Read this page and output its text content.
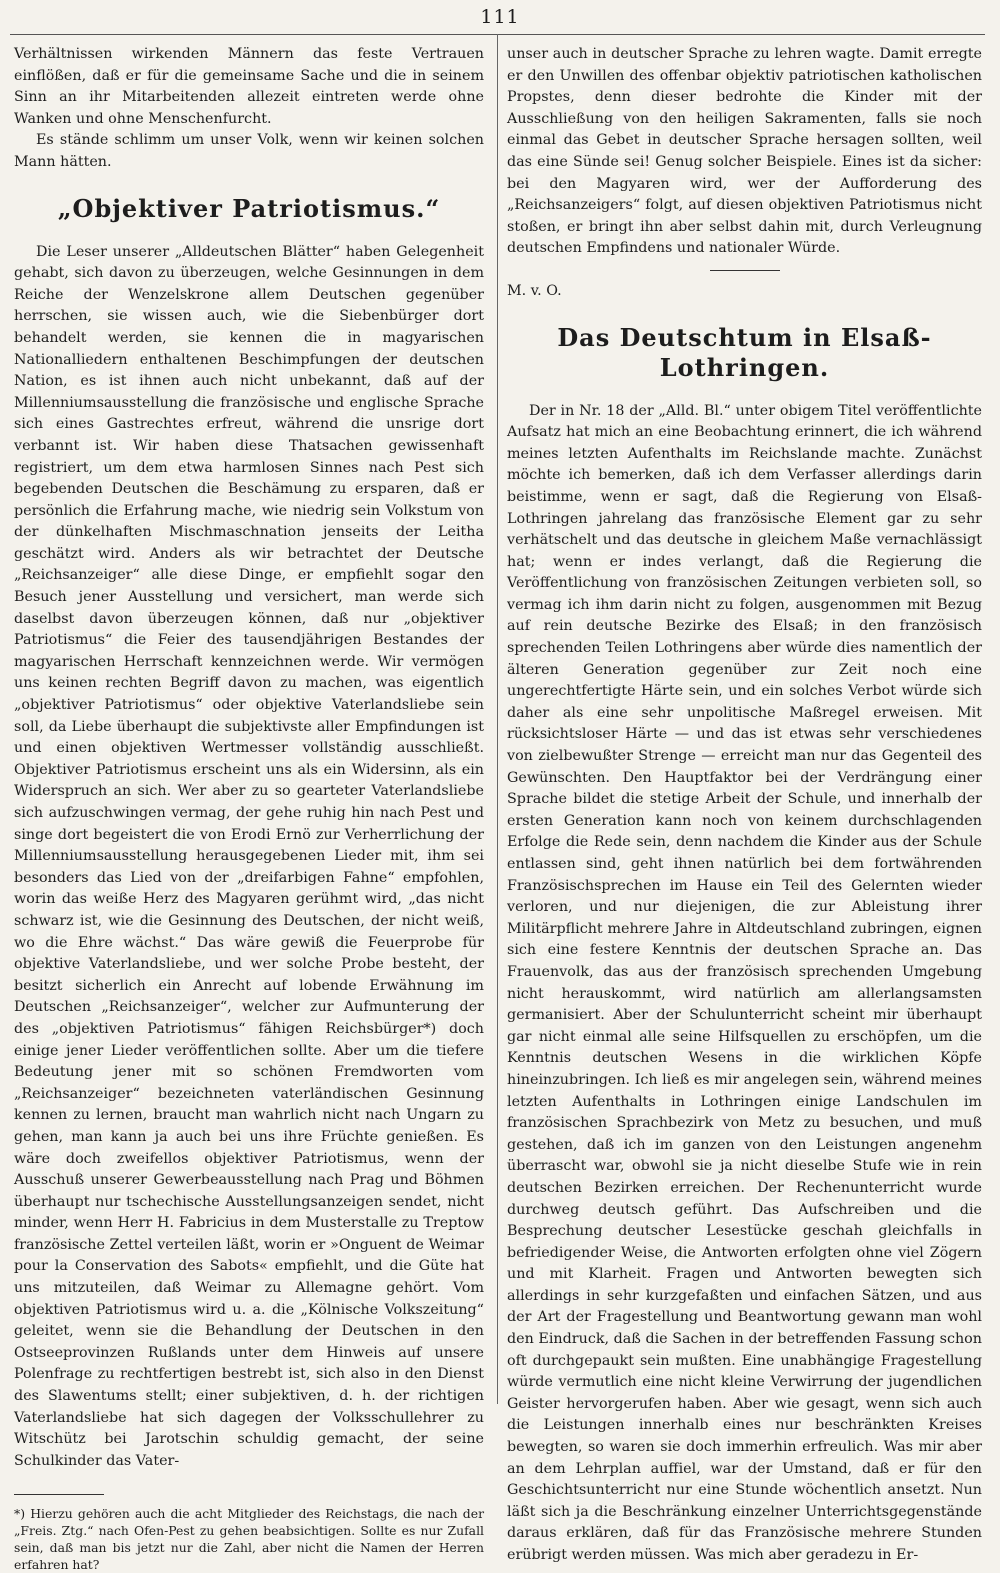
111

Verhältnissen wirkenden Männern das feste Vertrauen einflößen, daß er für die gemeinsame Sache und die in seinem Sinn an ihr Mitarbeitenden allezeit eintreten werde ohne Wanken und ohne Menschenfurcht.

Es stände schlimm um unser Volk, wenn wir keinen solchen Mann hätten.

„Objektiver Patriotismus.“

Die Leser unserer „Alldeutschen Blätter“ haben Gelegenheit gehabt, sich davon zu überzeugen, welche Gesinnungen in dem Reiche der Wenzelskrone allem Deutschen gegenüber herrschen, sie wissen auch, wie die Siebenbürger dort behandelt werden, sie kennen die in magyarischen Nationalliedern enthaltenen Beschimpfungen der deutschen Nation, es ist ihnen auch nicht unbekannt, daß auf der Millenniumsausstellung die französische und englische Sprache sich eines Gastrechtes erfreut, während die unsrige dort verbannt ist. Wir haben diese Thatsachen gewissenhaft registriert, um dem etwa harmlosen Sinnes nach Pest sich begebenden Deutschen die Beschämung zu ersparen, daß er persönlich die Erfahrung mache, wie niedrig sein Volkstum von der dünkelhaften Mischmaschnation jenseits der Leitha geschätzt wird. Anders als wir betrachtet der Deutsche „Reichsanzeiger“ alle diese Dinge, er empfiehlt sogar den Besuch jener Ausstellung und versichert, man werde sich daselbst davon überzeugen können, daß nur „objektiver Patriotismus“ die Feier des tausendjährigen Bestandes der magyarischen Herrschaft kennzeichnen werde. Wir vermögen uns keinen rechten Begriff davon zu machen, was eigentlich „objektiver Patriotismus“ oder objektive Vaterlandsliebe sein soll, da Liebe überhaupt die subjektivste aller Empfindungen ist und einen objektiven Wertmesser vollständig ausschließt. Objektiver Patriotismus erscheint uns als ein Widersinn, als ein Widerspruch an sich. Wer aber zu so gearteter Vaterlandsliebe sich aufzuschwingen vermag, der gehe ruhig hin nach Pest und singe dort begeistert die von Erodi Ernö zur Verherrlichung der Millenniumsausstellung herausgegebenen Lieder mit, ihm sei besonders das Lied von der „dreifarbigen Fahne“ empfohlen, worin das weiße Herz des Magyaren gerühmt wird, „das nicht schwarz ist, wie die Gesinnung des Deutschen, der nicht weiß, wo die Ehre wächst.“ Das wäre gewiß die Feuerprobe für objektive Vaterlandsliebe, und wer solche Probe besteht, der besitzt sicherlich ein Anrecht auf lobende Erwähnung im Deutschen „Reichsanzeiger“, welcher zur Aufmunterung der des „objektiven Patriotismus“ fähigen Reichsbürger*) doch einige jener Lieder veröffentlichen sollte. Aber um die tiefere Bedeutung jener mit so schönen Fremdworten vom „Reichsanzeiger“ bezeichneten vaterländischen Gesinnung kennen zu lernen, braucht man wahrlich nicht nach Ungarn zu gehen, man kann ja auch bei uns ihre Früchte genießen. Es wäre doch zweifellos objektiver Patriotismus, wenn der Ausschuß unserer Gewerbeausstellung nach Prag und Böhmen überhaupt nur tschechische Ausstellungsanzeigen sendet, nicht minder, wenn Herr H. Fabricius in dem Musterstalle zu Treptow französische Zettel verteilen läßt, worin er »Onguent de Weimar pour la Conservation des Sabots« empfiehlt, und die Güte hat uns mitzuteilen, daß Weimar zu Allemagne gehört. Vom objektiven Patriotismus wird u. a. die „Kölnische Volkszeitung“ geleitet, wenn sie die Behandlung der Deutschen in den Ostseeprovinzen Rußlands unter dem Hinweis auf unsere Polenfrage zu rechtfertigen bestrebt ist, sich also in den Dienst des Slawentums stellt; einer subjektiven, d. h. der richtigen Vaterlandsliebe hat sich dagegen der Volksschullehrer zu Witschütz bei Jarotschin schuldig gemacht, der seine Schulkinder das Vater-

*) Hierzu gehören auch die acht Mitglieder des Reichstags, die nach der „Freis. Ztg.“ nach Ofen-Pest zu gehen beabsichtigen. Sollte es nur Zufall sein, daß man bis jetzt nur die Zahl, aber nicht die Namen der Herren erfahren hat?

unser auch in deutscher Sprache zu lehren wagte. Damit erregte er den Unwillen des offenbar objektiv patriotischen katholischen Propstes, denn dieser bedrohte die Kinder mit der Ausschließung von den heiligen Sakramenten, falls sie noch einmal das Gebet in deutscher Sprache hersagen sollten, weil das eine Sünde sei! Genug solcher Beispiele. Eines ist da sicher: bei den Magyaren wird, wer der Aufforderung des „Reichsanzeigers“ folgt, auf diesen objektiven Patriotismus nicht stoßen, er bringt ihn aber selbst dahin mit, durch Verleugnung deutschen Empfindens und nationaler Würde.

M. v. O.

Das Deutschtum in Elsaß-Lothringen.

Der in Nr. 18 der „Alld. Bl.“ unter obigem Titel veröffentlichte Aufsatz hat mich an eine Beobachtung erinnert, die ich während meines letzten Aufenthalts im Reichslande machte. Zunächst möchte ich bemerken, daß ich dem Verfasser allerdings darin beistimme, wenn er sagt, daß die Regierung von Elsaß-Lothringen jahrelang das französische Element gar zu sehr verhätschelt und das deutsche in gleichem Maße vernachlässigt hat; wenn er indes verlangt, daß die Regierung die Veröffentlichung von französischen Zeitungen verbieten soll, so vermag ich ihm darin nicht zu folgen, ausgenommen mit Bezug auf rein deutsche Bezirke des Elsaß; in den französisch sprechenden Teilen Lothringens aber würde dies namentlich der älteren Generation gegenüber zur Zeit noch eine ungerechtfertigte Härte sein, und ein solches Verbot würde sich daher als eine sehr unpolitische Maßregel erweisen. Mit rücksichtsloser Härte — und das ist etwas sehr verschiedenes von zielbewußter Strenge — erreicht man nur das Gegenteil des Gewünschten. Den Hauptfaktor bei der Verdrängung einer Sprache bildet die stetige Arbeit der Schule, und innerhalb der ersten Generation kann noch von keinem durchschlagenden Erfolge die Rede sein, denn nachdem die Kinder aus der Schule entlassen sind, geht ihnen natürlich bei dem fortwährenden Französischsprechen im Hause ein Teil des Gelernten wieder verloren, und nur diejenigen, die zur Ableistung ihrer Militärpflicht mehrere Jahre in Altdeutschland zubringen, eignen sich eine festere Kenntnis der deutschen Sprache an. Das Frauenvolk, das aus der französisch sprechenden Umgebung nicht herauskommt, wird natürlich am allerlangsamsten germanisiert. Aber der Schulunterricht scheint mir überhaupt gar nicht einmal alle seine Hilfsquellen zu erschöpfen, um die Kenntnis deutschen Wesens in die wirklichen Köpfe hineinzubringen. Ich ließ es mir angelegen sein, während meines letzten Aufenthalts in Lothringen einige Landschulen im französischen Sprachbezirk von Metz zu besuchen, und muß gestehen, daß ich im ganzen von den Leistungen angenehm überrascht war, obwohl sie ja nicht dieselbe Stufe wie in rein deutschen Bezirken erreichen. Der Rechenunterricht wurde durchweg deutsch geführt. Das Aufschreiben und die Besprechung deutscher Lesestücke geschah gleichfalls in befriedigender Weise, die Antworten erfolgten ohne viel Zögern und mit Klarheit. Fragen und Antworten bewegten sich allerdings in sehr kurzgefaßten und einfachen Sätzen, und aus der Art der Fragestellung und Beantwortung gewann man wohl den Eindruck, daß die Sachen in der betreffenden Fassung schon oft durchgepaukt sein mußten. Eine unabhängige Fragestellung würde vermutlich eine nicht kleine Verwirrung der jugendlichen Geister hervorgerufen haben. Aber wie gesagt, wenn sich auch die Leistungen innerhalb eines nur beschränkten Kreises bewegten, so waren sie doch immerhin erfreulich. Was mir aber an dem Lehrplan auffiel, war der Umstand, daß er für den Geschichtsunterricht nur eine Stunde wöchentlich ansetzt. Nun läßt sich ja die Beschränkung einzelner Unterrichtsgegenstände daraus erklären, daß für das Französische mehrere Stunden erübrigt werden müssen. Was mich aber geradezu in Er-
